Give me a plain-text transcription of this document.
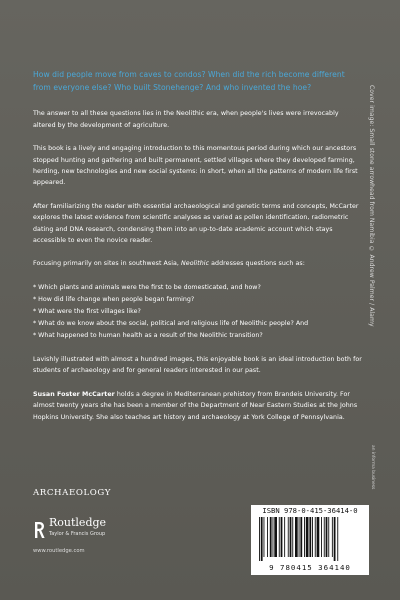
How did people move from caves to condos? When did the rich become different from everyone else? Who built Stonehenge? And who invented the hoe?

The answer to all these questions lies in the Neolithic era, when people's lives were irrevocably altered by the development of agriculture.

This book is a lively and engaging introduction to this momentous period during which our ancestors stopped hunting and gathering and built permanent, settled villages where they developed farming, herding, new technologies and new social systems: in short, when all the patterns of modern life first appeared.

After familiarizing the reader with essential archaeological and genetic terms and concepts, McCarter explores the latest evidence from scientific analyses as varied as pollen identification, radiometric dating and DNA research, condensing them into an up-to-date academic account which stays accessible to even the novice reader.

Focusing primarily on sites in southwest Asia, Neolithic addresses questions such as:

* Which plants and animals were the first to be domesticated, and how?
* How did life change when people began farming?
* What were the first villages like?
* What do we know about the social, political and religious life of Neolithic people? And
* What happened to human health as a result of the Neolithic transition?

Lavishly illustrated with almost a hundred images, this enjoyable book is an ideal introduction both for students of archaeology and for general readers interested in our past.

Susan Foster McCarter holds a degree in Mediterranean prehistory from Brandeis University. For almost twenty years she has been a member of the Department of Near Eastern Studies at the Johns Hopkins University. She also teaches art history and archaeology at York College of Pennsylvania.

ARCHAEOLOGY
Routledge
Taylor & Francis Group
www.routledge.com
ISBN 978-0-415-36414-0
9 780415 364140
Cover image: Small stone arrowhead from Namibia © Andrew Palmer / Alamy
an informa business
